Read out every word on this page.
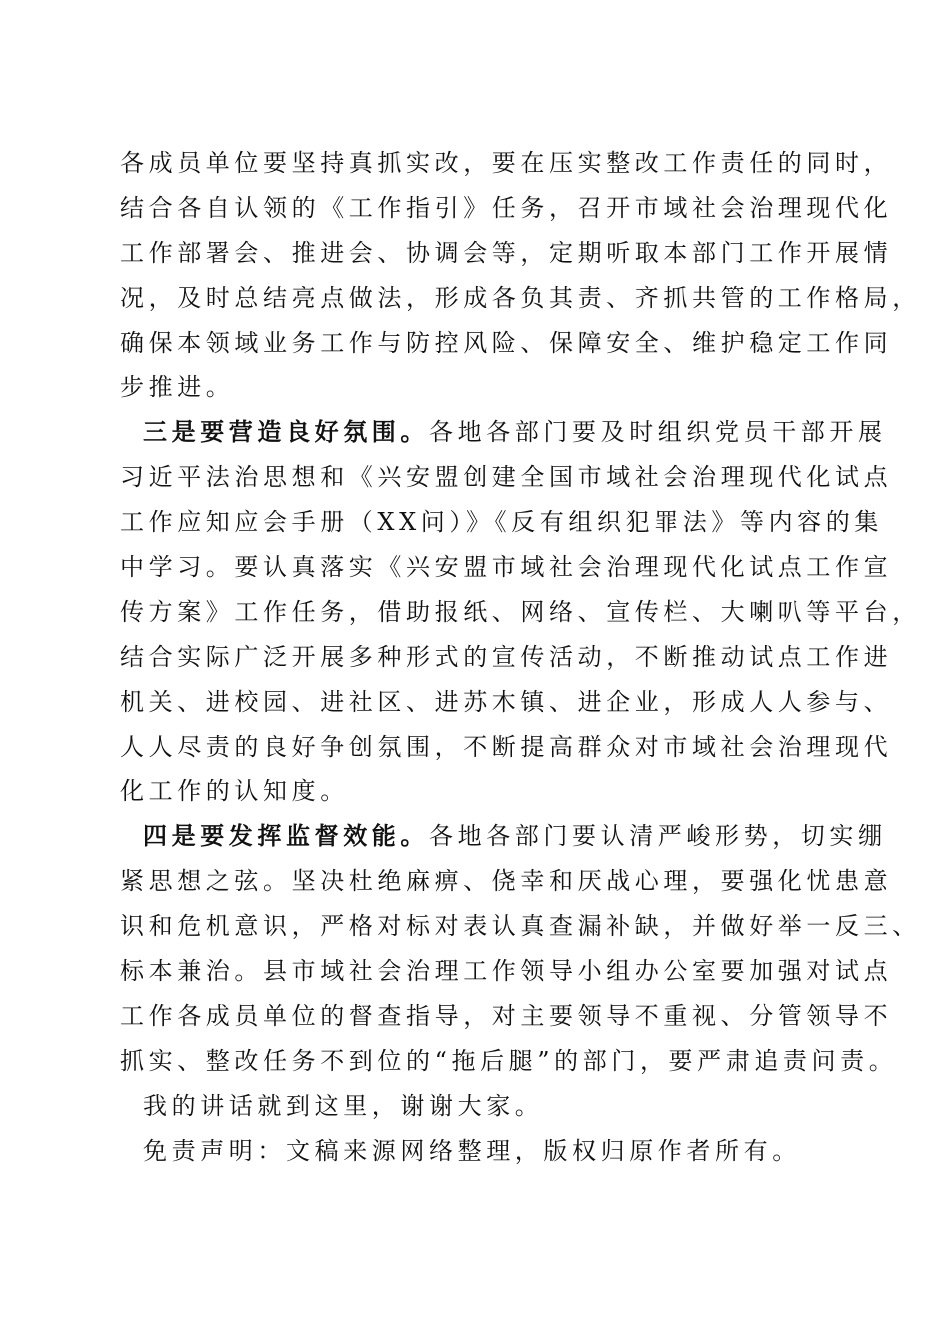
各成员单位要坚持真抓实改，要在压实整改工作责任的同时，
结合各自认领的《工作指引》任务，召开市域社会治理现代化
工作部署会、推进会、协调会等，定期听取本部门工作开展情
况，及时总结亮点做法，形成各负其责、齐抓共管的工作格局，
确保本领域业务工作与防控风险、保障安全、维护稳定工作同
步推进。
三是要营造良好氛围。各地各部门要及时组织党员干部开展
习近平法治思想和《兴安盟创建全国市域社会治理现代化试点
工作应知应会手册（XX问）》《反有组织犯罪法》等内容的集
中学习。要认真落实《兴安盟市域社会治理现代化试点工作宣
传方案》工作任务，借助报纸、网络、宣传栏、大喇叭等平台，
结合实际广泛开展多种形式的宣传活动，不断推动试点工作进
机关、进校园、进社区、进苏木镇、进企业，形成人人参与、
人人尽责的良好争创氛围，不断提高群众对市域社会治理现代
化工作的认知度。
四是要发挥监督效能。各地各部门要认清严峻形势，切实绷
紧思想之弦。坚决杜绝麻痹、侥幸和厌战心理，要强化忧患意
识和危机意识，严格对标对表认真查漏补缺，并做好举一反三、
标本兼治。县市域社会治理工作领导小组办公室要加强对试点
工作各成员单位的督查指导，对主要领导不重视、分管领导不
抓实、整改任务不到位的“拖后腿”的部门，要严肃追责问责。
我的讲话就到这里，谢谢大家。
免责声明：文稿来源网络整理，版权归原作者所有。
